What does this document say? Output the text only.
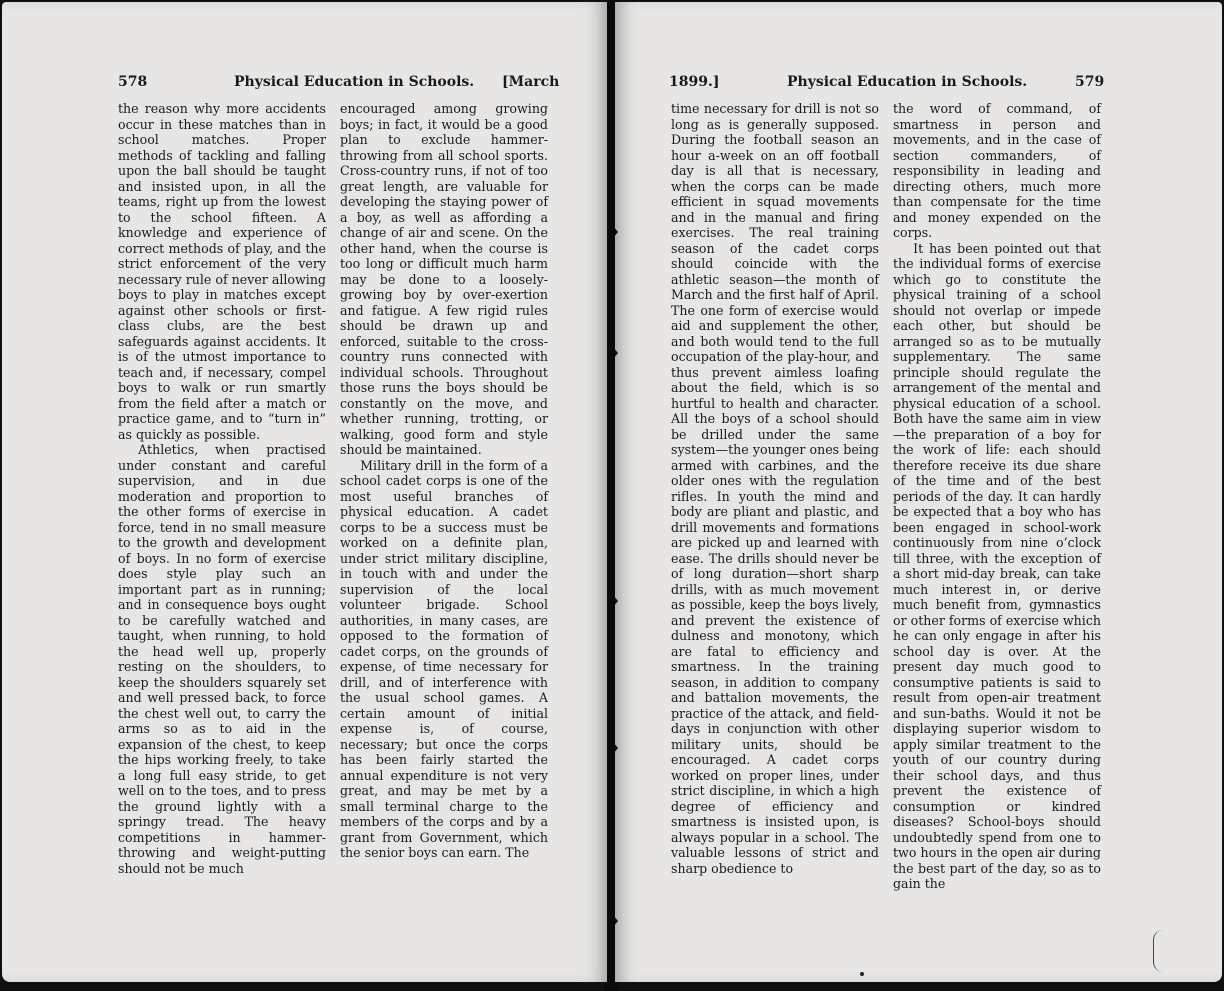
578	Physical Education in Schools. [March

the reason why more accidents occur in these matches than in school matches. Proper methods of tackling and falling upon the ball should be taught and insisted upon, in all the teams, right up from the lowest to the school fifteen. A knowledge and experience of correct methods of play, and the strict enforcement of the very necessary rule of never allowing boys to play in matches except against other schools or first-class clubs, are the best safeguards against accidents. It is of the utmost importance to teach and, if necessary, compel boys to walk or run smartly from the field after a match or practice game, and to “turn in” as quickly as possible.

Athletics, when practised under constant and careful supervision, and in due moderation and proportion to the other forms of exercise in force, tend in no small measure to the growth and development of boys. In no form of exercise does style play such an important part as in running; and in consequence boys ought to be carefully watched and taught, when running, to hold the head well up, properly resting on the shoulders, to keep the shoulders squarely set and well pressed back, to force the chest well out, to carry the arms so as to aid in the expansion of the chest, to keep the hips working freely, to take a long full easy stride, to get well on to the toes, and to press the ground lightly with a springy tread. The heavy competitions in hammer-throwing and weight-putting should not be much

encouraged among growing boys; in fact, it would be a good plan to exclude hammer-throwing from all school sports. Cross-country runs, if not of too great length, are valuable for developing the staying power of a boy, as well as affording a change of air and scene. On the other hand, when the course is too long or difficult much harm may be done to a loosely-growing boy by over-exertion and fatigue. A few rigid rules should be drawn up and enforced, suitable to the cross-country runs connected with individual schools. Throughout those runs the boys should be constantly on the move, and whether running, trotting, or walking, good form and style should be maintained.

Military drill in the form of a school cadet corps is one of the most useful branches of physical education. A cadet corps to be a success must be worked on a definite plan, under strict military discipline, in touch with and under the supervision of the local volunteer brigade. School authorities, in many cases, are opposed to the formation of cadet corps, on the grounds of expense, of time necessary for drill, and of interference with the usual school games. A certain amount of initial expense is, of course, necessary; but once the corps has been fairly started the annual expenditure is not very great, and may be met by a small terminal charge to the members of the corps and by a grant from Government, which the senior boys can earn. The

1899.]	Physical Education in Schools.	579

time necessary for drill is not so long as is generally supposed. During the football season an hour a-week on an off football day is all that is necessary, when the corps can be made efficient in squad movements and in the manual and firing exercises. The real training season of the cadet corps should coincide with the athletic season—the month of March and the first half of April. The one form of exercise would aid and supplement the other, and both would tend to the full occupation of the play-hour, and thus prevent aimless loafing about the field, which is so hurtful to health and character. All the boys of a school should be drilled under the same system—the younger ones being armed with carbines, and the older ones with the regulation rifles. In youth the mind and body are pliant and plastic, and drill movements and formations are picked up and learned with ease. The drills should never be of long duration—short sharp drills, with as much movement as possible, keep the boys lively, and prevent the existence of dulness and monotony, which are fatal to efficiency and smartness. In the training season, in addition to company and battalion movements, the practice of the attack, and field-days in conjunction with other military units, should be encouraged. A cadet corps worked on proper lines, under strict discipline, in which a high degree of efficiency and smartness is insisted upon, is always popular in a school. The valuable lessons of strict and sharp obedience to

the word of command, of smartness in person and movements, and in the case of section commanders, of responsibility in leading and directing others, much more than compensate for the time and money expended on the corps.

It has been pointed out that the individual forms of exercise which go to constitute the physical training of a school should not overlap or impede each other, but should be arranged so as to be mutually supplementary. The same principle should regulate the arrangement of the mental and physical education of a school. Both have the same aim in view—the preparation of a boy for the work of life: each should therefore receive its due share of the time and of the best periods of the day. It can hardly be expected that a boy who has been engaged in school-work continuously from nine o’clock till three, with the exception of a short mid-day break, can take much interest in, or derive much benefit from, gymnastics or other forms of exercise which he can only engage in after his school day is over. At the present day much good to consumptive patients is said to result from open-air treatment and sun-baths. Would it not be displaying superior wisdom to apply similar treatment to the youth of our country during their school days, and thus prevent the existence of consumption or kindred diseases? School-boys should undoubtedly spend from one to two hours in the open air during the best part of the day, so as to gain the
